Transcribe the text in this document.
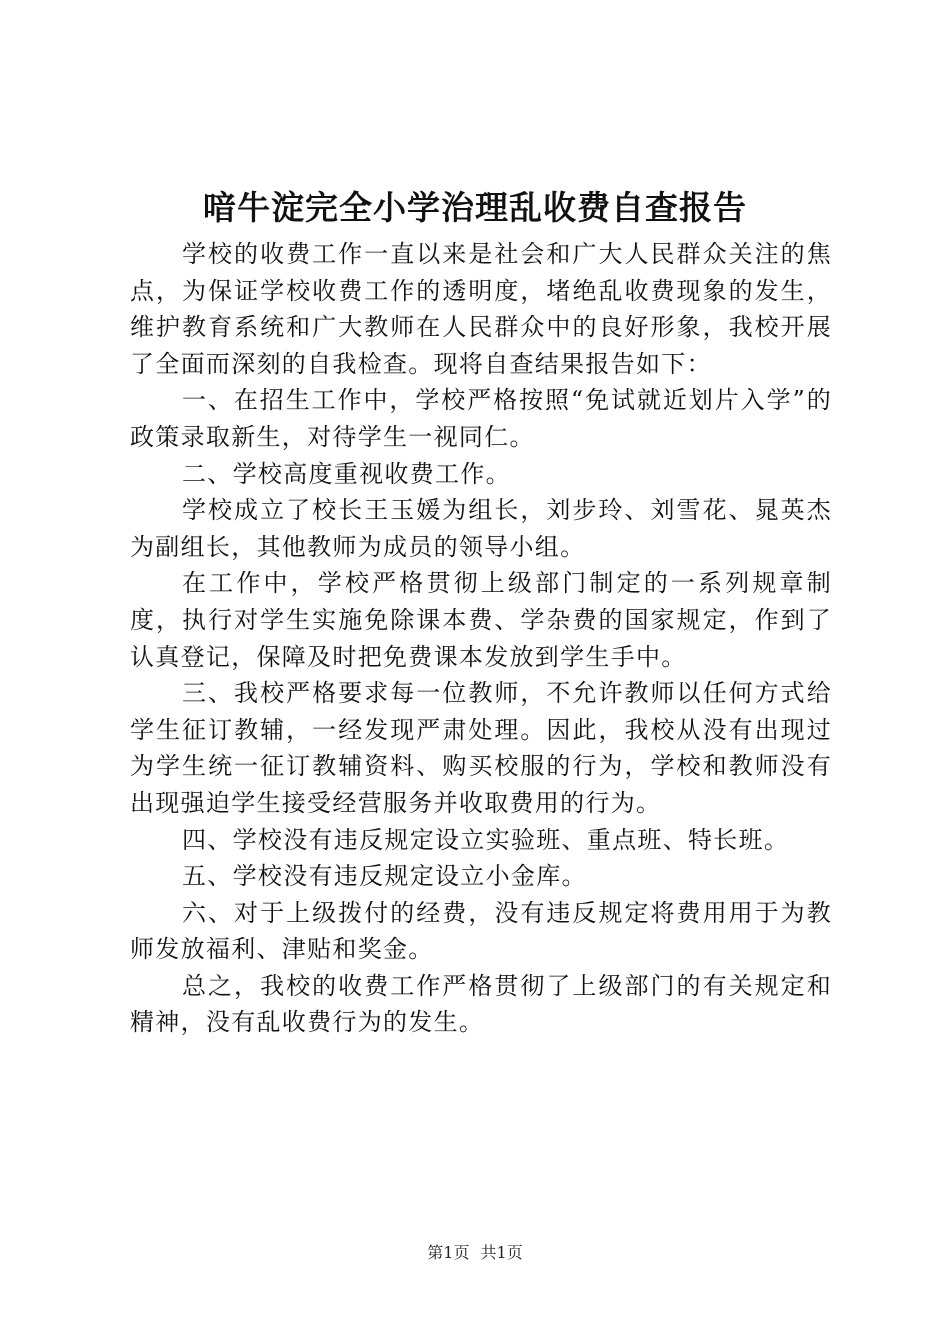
喑牛淀完全小学治理乱收费自查报告

学校的收费工作一直以来是社会和广大人民群众关注的焦点，为保证学校收费工作的透明度，堵绝乱收费现象的发生，维护教育系统和广大教师在人民群众中的良好形象，我校开展了全面而深刻的自我检查。现将自查结果报告如下：

一、在招生工作中，学校严格按照“免试就近划片入学”的政策录取新生，对待学生一视同仁。

二、学校高度重视收费工作。

学校成立了校长王玉媛为组长，刘步玲、刘雪花、晁英杰为副组长，其他教师为成员的领导小组。

在工作中，学校严格贯彻上级部门制定的一系列规章制度，执行对学生实施免除课本费、学杂费的国家规定，作到了认真登记，保障及时把免费课本发放到学生手中。

三、我校严格要求每一位教师，不允许教师以任何方式给学生征订教辅，一经发现严肃处理。因此，我校从没有出现过为学生统一征订教辅资料、购买校服的行为，学校和教师没有出现强迫学生接受经营服务并收取费用的行为。

四、学校没有违反规定设立实验班、重点班、特长班。

五、学校没有违反规定设立小金库。

六、对于上级拨付的经费，没有违反规定将费用用于为教师发放福利、津贴和奖金。

总之，我校的收费工作严格贯彻了上级部门的有关规定和精神，没有乱收费行为的发生。

第1页 共1页
